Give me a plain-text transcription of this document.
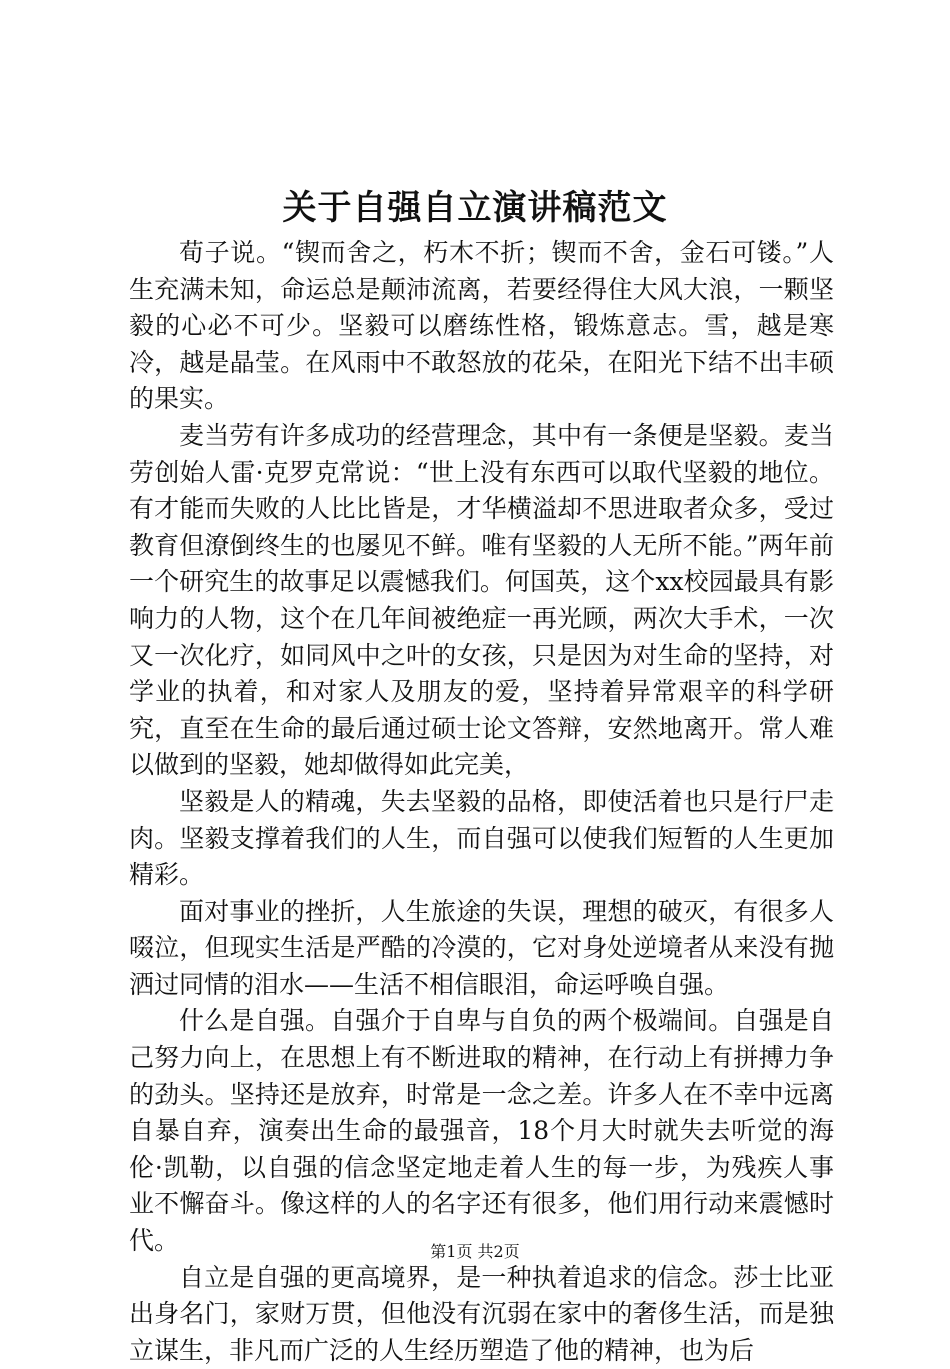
关于自强自立演讲稿范文

荀子说。“锲而舍之，朽木不折；锲而不舍，金石可镂。”人生充满未知，命运总是颠沛流离，若要经得住大风大浪，一颗坚毅的心必不可少。坚毅可以磨练性格，锻炼意志。雪，越是寒冷，越是晶莹。在风雨中不敢怒放的花朵，在阳光下结不出丰硕的果实。

麦当劳有许多成功的经营理念，其中有一条便是坚毅。麦当劳创始人雷·克罗克常说：“世上没有东西可以取代坚毅的地位。有才能而失败的人比比皆是，才华横溢却不思进取者众多，受过教育但潦倒终生的也屡见不鲜。唯有坚毅的人无所不能。”两年前一个研究生的故事足以震憾我们。何国英，这个xx校园最具有影响力的人物，这个在几年间被绝症一再光顾，两次大手术，一次又一次化疗，如同风中之叶的女孩，只是因为对生命的坚持，对学业的执着，和对家人及朋友的爱，坚持着异常艰辛的科学研究，直至在生命的最后通过硕士论文答辩，安然地离开。常人难以做到的坚毅，她却做得如此完美，

坚毅是人的精魂，失去坚毅的品格，即使活着也只是行尸走肉。坚毅支撑着我们的人生，而自强可以使我们短暂的人生更加精彩。

面对事业的挫折，人生旅途的失误，理想的破灭，有很多人啜泣，但现实生活是严酷的冷漠的，它对身处逆境者从来没有抛洒过同情的泪水——生活不相信眼泪，命运呼唤自强。

什么是自强。自强介于自卑与自负的两个极端间。自强是自己努力向上，在思想上有不断进取的精神，在行动上有拼搏力争的劲头。坚持还是放弃，时常是一念之差。许多人在不幸中远离自暴自弃，演奏出生命的最强音，18个月大时就失去听觉的海伦·凯勒，以自强的信念坚定地走着人生的每一步，为残疾人事业不懈奋斗。像这样的人的名字还有很多，他们用行动来震憾时代。

自立是自强的更高境界，是一种执着追求的信念。莎士比亚出身名门，家财万贯，但他没有沉弱在家中的奢侈生活，而是独立谋生，非凡而广泛的人生经历塑造了他的精神，也为后

第1页 共2页
